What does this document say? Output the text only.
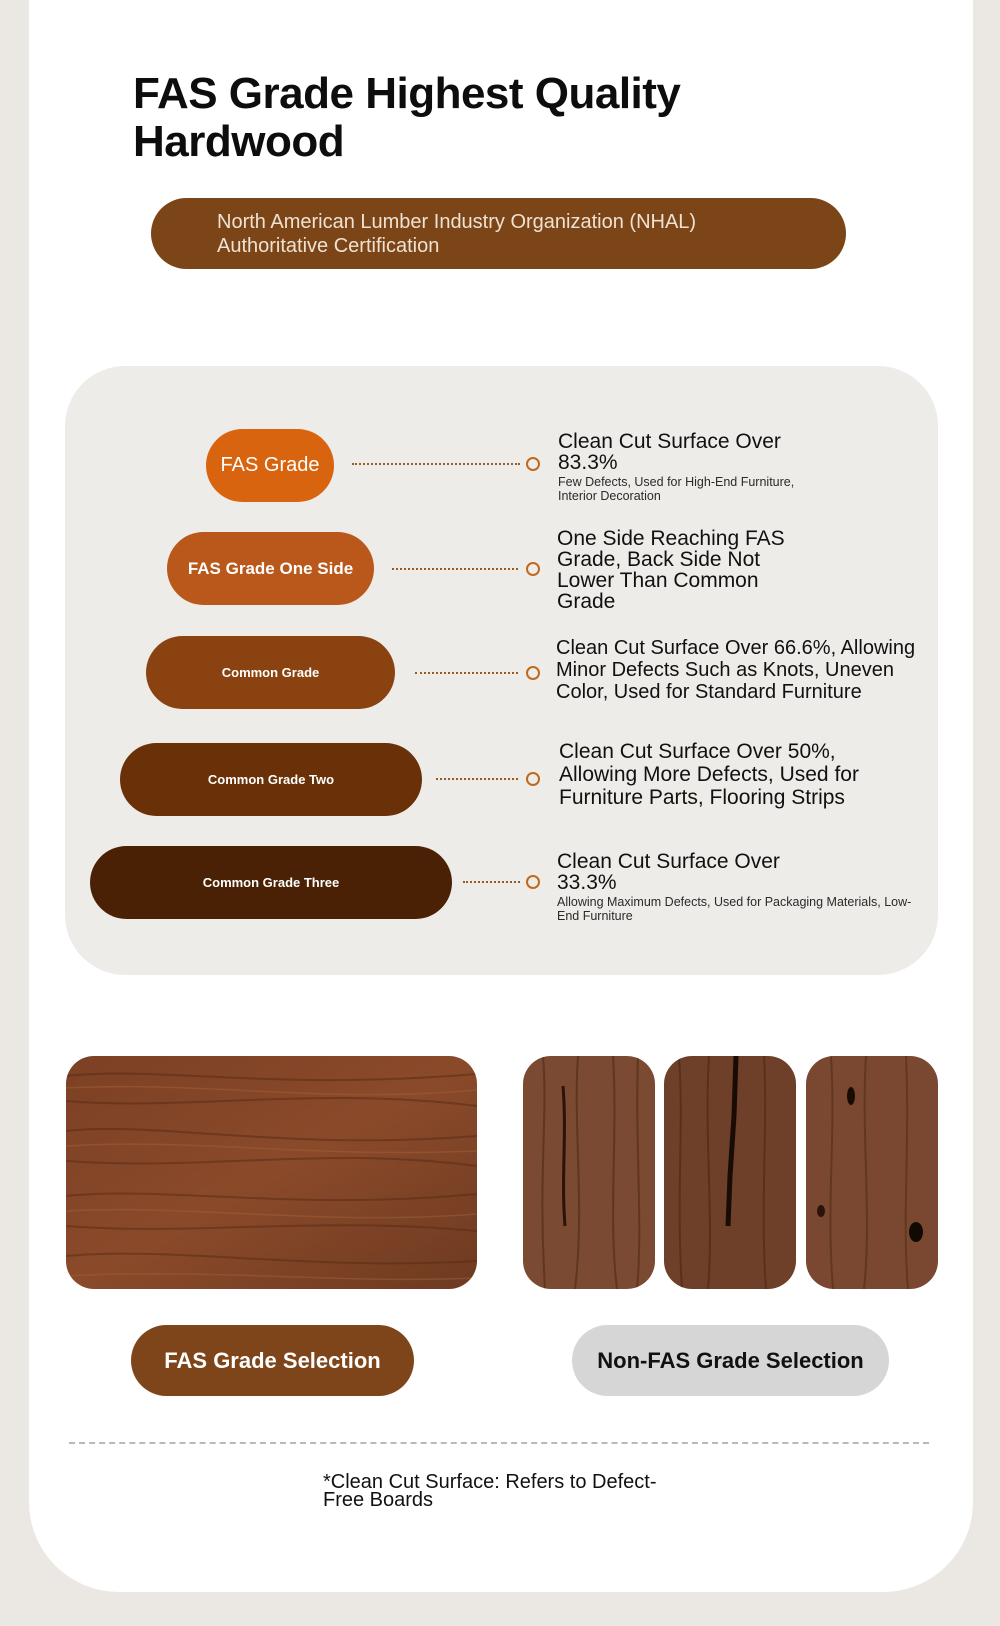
FAS Grade Highest Quality Hardwood
North American Lumber Industry Organization (NHAL) Authoritative Certification
FAS Grade
Clean Cut Surface Over 83.3%
Few Defects, Used for High-End Furniture, Interior Decoration
FAS Grade One Side
One Side Reaching FAS Grade, Back Side Not Lower Than Common Grade
Common Grade
Clean Cut Surface Over 66.6%, Allowing Minor Defects Such as Knots, Uneven Color, Used for Standard Furniture
Common Grade Two
Clean Cut Surface Over 50%, Allowing More Defects, Used for Furniture Parts, Flooring Strips
Common Grade Three
Clean Cut Surface Over 33.3%
Allowing Maximum Defects, Used for Packaging Materials, Low-End Furniture
FAS Grade Selection	Non-FAS Grade Selection
*Clean Cut Surface: Refers to Defect-Free Boards
